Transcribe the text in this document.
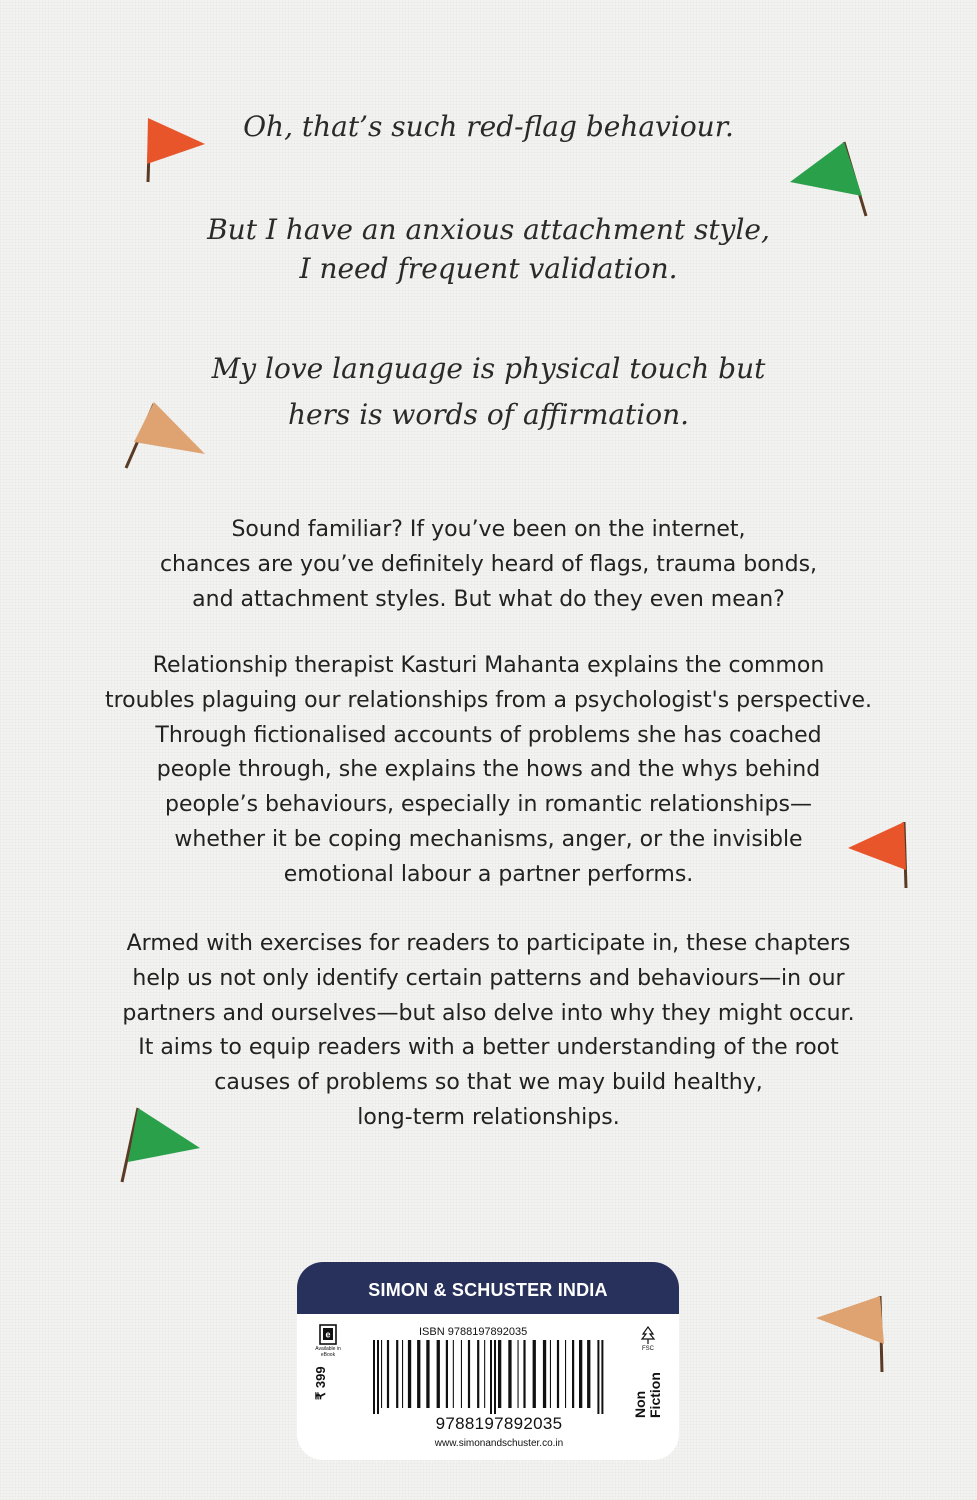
Oh, that’s such red-flag behaviour.
But I have an anxious attachment style,
I need frequent validation.
My love language is physical touch but
hers is words of affirmation.
Sound familiar? If you’ve been on the internet,
chances are you’ve definitely heard of flags, trauma bonds,
and attachment styles. But what do they even mean?
Relationship therapist Kasturi Mahanta explains the common
troubles plaguing our relationships from a psychologist's perspective.
Through fictionalised accounts of problems she has coached
people through, she explains the hows and the whys behind
people’s behaviours, especially in romantic relationships—
whether it be coping mechanisms, anger, or the invisible
emotional labour a partner performs.
Armed with exercises for readers to participate in, these chapters
help us not only identify certain patterns and behaviours—in our
partners and ourselves—but also delve into why they might occur.
It aims to equip readers with a better understanding of the root
causes of problems so that we may build healthy,
long-term relationships.
SIMON & SCHUSTER INDIA
e
Available in eBook
₹ 399
ISBN 9788197892035
9788197892035
www.simonandschuster.co.in
FSC
Non Fiction
